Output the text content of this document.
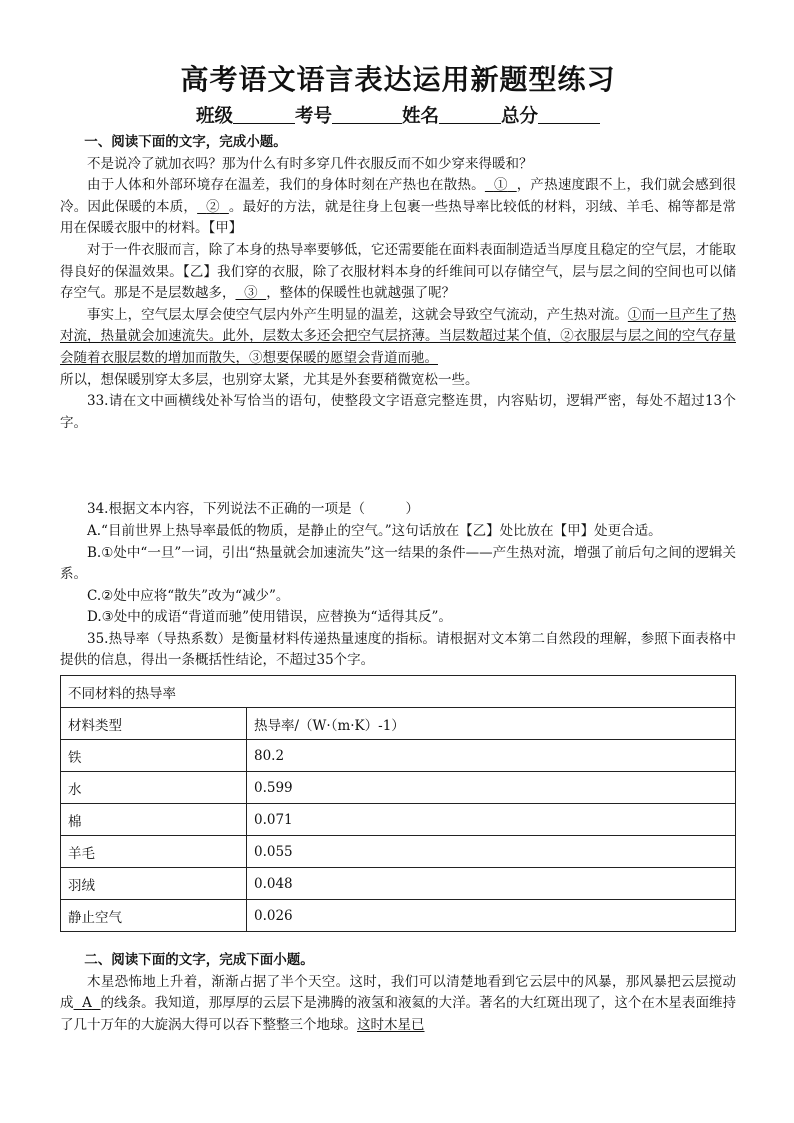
高考语文语言表达运用新题型练习
班级	考号	姓名	总分

一、阅读下面的文字，完成小题。

不是说冷了就加衣吗？那为什么有时多穿几件衣服反而不如少穿来得暖和？

由于人体和外部环境存在温差，我们的身体时刻在产热也在散热。 ① ，产热速度跟不上，我们就会感到很冷。因此保暖的本质， ② 。最好的方法，就是往身上包裹一些热导率比较低的材料，羽绒、羊毛、棉等都是常用在保暖衣服中的材料。【甲】

对于一件衣服而言，除了本身的热导率要够低，它还需要能在面料表面制造适当厚度且稳定的空气层，才能取得良好的保温效果。【乙】我们穿的衣服，除了衣服材料本身的纤维间可以存储空气，层与层之间的空间也可以储存空气。那是不是层数越多， ③ ，整体的保暖性也就越强了呢？

事实上，空气层太厚会使空气层内外产生明显的温差，这就会导致空气流动，产生热对流。①而一旦产生了热对流，热量就会加速流失。此外，层数太多还会把空气层挤薄。当层数超过某个值，②衣服层与层之间的空气存量会随着衣服层数的增加而散失，③想要保暖的愿望会背道而驰。

所以，想保暖别穿太多层，也别穿太紧，尤其是外套要稍微宽松一些。

33.请在文中画横线处补写恰当的语句，使整段文字语意完整连贯，内容贴切，逻辑严密，每处不超过13个字。

34.根据文本内容，下列说法不正确的一项是（　　　）

A.“目前世界上热导率最低的物质，是静止的空气。”这句话放在【乙】处比放在【甲】处更合适。

B.①处中“一旦”一词，引出“热量就会加速流失”这一结果的条件——产生热对流，增强了前后句之间的逻辑关系。

C.②处中应将“散失”改为“减少”。

D.③处中的成语“背道而驰”使用错误，应替换为“适得其反”。

35.热导率（导热系数）是衡量材料传递热量速度的指标。请根据对文本第二自然段的理解，参照下面表格中提供的信息，得出一条概括性结论，不超过35个字。

不同材料的热导率	
材料类型	热导率/（W·（m·K）-1）
铁	80.2
水	0.599
棉	0.071
羊毛	0.055
羽绒	0.048
静止空气	0.026

二、阅读下面的文字，完成下面小题。

木星恐怖地上升着，渐渐占据了半个天空。这时，我们可以清楚地看到它云层中的风暴，那风暴把云层搅动成 A 的线条。我知道，那厚厚的云层下是沸腾的液氢和液氦的大洋。著名的大红斑出现了，这个在木星表面维持了几十万年的大旋涡大得可以吞下整整三个地球。这时木星已
